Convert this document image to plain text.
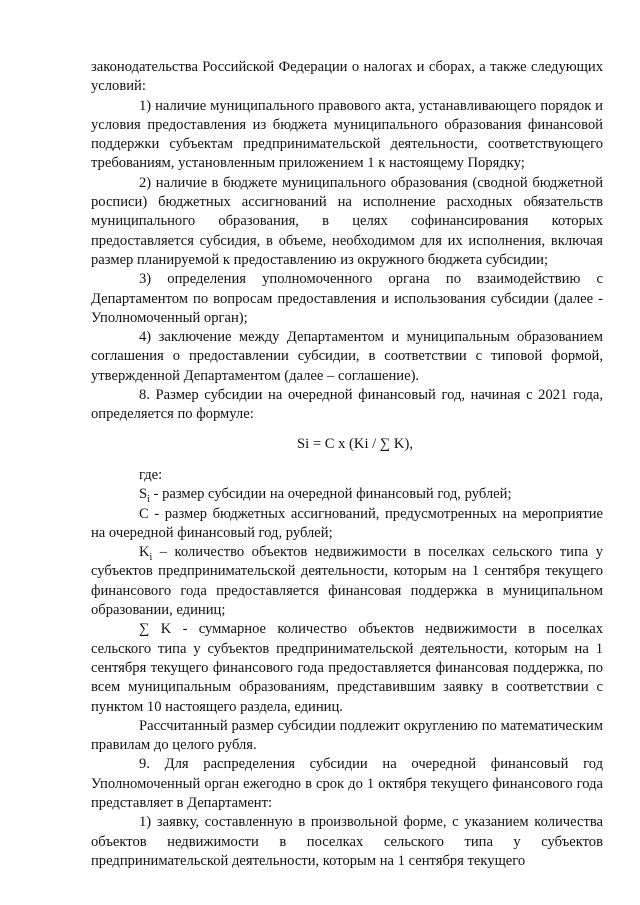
законодательства Российской Федерации о налогах и сборах, а также следующих условий:

1) наличие муниципального правового акта, устанавливающего порядок и условия предоставления из бюджета муниципального образования финансовой поддержки субъектам предпринимательской деятельности, соответствующего требованиям, установленным приложением 1 к настоящему Порядку;

2) наличие в бюджете муниципального образования (сводной бюджетной росписи) бюджетных ассигнований на исполнение расходных обязательств муниципального образования, в целях софинансирования которых предоставляется субсидия, в объеме, необходимом для их исполнения, включая размер планируемой к предоставлению из окружного бюджета субсидии;

3) определения уполномоченного органа по взаимодействию с Департаментом по вопросам предоставления и использования субсидии (далее - Уполномоченный орган);

4) заключение между Департаментом и муниципальным образованием соглашения о предоставлении субсидии, в соответствии с типовой формой, утвержденной Департаментом (далее – соглашение).

8. Размер субсидии на очередной финансовый год, начиная с 2021 года, определяется по формуле:

Si = C x (Ki / ∑ K),

где:

$S_i$ - размер субсидии на очередной финансовый год, рублей;

C - размер бюджетных ассигнований, предусмотренных на мероприятие на очередной финансовый год, рублей;

$K_i$ – количество объектов недвижимости в поселках сельского типа у субъектов предпринимательской деятельности, которым на 1 сентября текущего финансового года предоставляется финансовая поддержка в муниципальном образовании, единиц;

∑ K - суммарное количество объектов недвижимости в поселках сельского типа у субъектов предпринимательской деятельности, которым на 1 сентября текущего финансового года предоставляется финансовая поддержка, по всем муниципальным образованиям, представившим заявку в соответствии с пунктом 10 настоящего раздела, единиц.

Рассчитанный размер субсидии подлежит округлению по математическим правилам до целого рубля.

9. Для распределения субсидии на очередной финансовый год Уполномоченный орган ежегодно в срок до 1 октября текущего финансового года представляет в Департамент:

1) заявку, составленную в произвольной форме, с указанием количества объектов недвижимости в поселках сельского типа у субъектов предпринимательской деятельности, которым на 1 сентября текущего
